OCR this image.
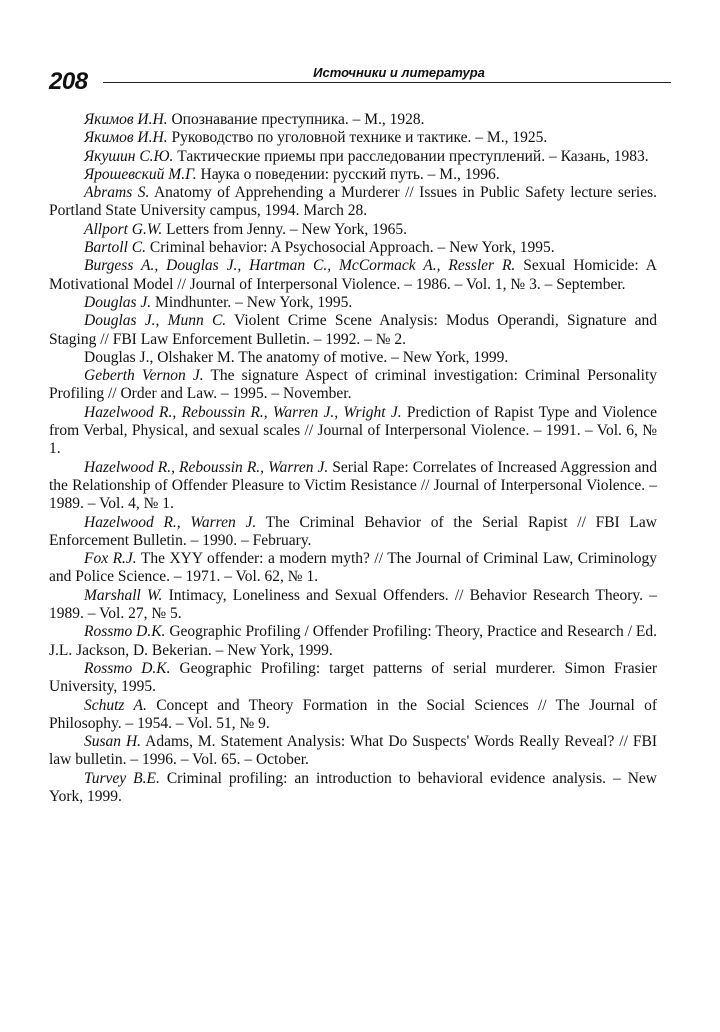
208	Источники и литература

Якимов И.Н. Опознавание преступника. – М., 1928.

Якимов И.Н. Руководство по уголовной технике и тактике. – М., 1925.

Якушин С.Ю. Тактические приемы при расследовании преступлений. – Казань, 1983.

Ярошевский М.Г. Наука о поведении: русский путь. – М., 1996.

Abrams S. Anatomy of Apprehending a Murderer // Issues in Public Safety lecture series. Portland State University campus, 1994. March 28.

Allport G.W. Letters from Jenny. – New York, 1965.

Bartoll C. Criminal behavior: A Psychosocial Approach. – New York, 1995.

Burgess A., Douglas J., Hartman C., McCormack A., Ressler R. Sexual Homicide: A Motivational Model // Journal of Interpersonal Violence. – 1986. – Vol. 1, № 3. – September.

Douglas J. Mindhunter. – New York, 1995.

Douglas J., Munn C. Violent Crime Scene Analysis: Modus Operandi, Signature and Staging // FBI Law Enforcement Bulletin. – 1992. – № 2.

Douglas J., Olshaker M. The anatomy of motive. – New York, 1999.

Geberth Vernon J. The signature Aspect of criminal investigation: Criminal Personality Profiling // Order and Law. – 1995. – November.

Hazelwood R., Reboussin R., Warren J., Wright J. Prediction of Rapist Type and Violence from Verbal, Physical, and sexual scales // Journal of Interpersonal Violence. – 1991. – Vol. 6, № 1.

Hazelwood R., Reboussin R., Warren J. Serial Rape: Correlates of Increased Aggression and the Relationship of Offender Pleasure to Victim Resistance // Journal of Interpersonal Violence. – 1989. – Vol. 4, № 1.

Hazelwood R., Warren J. The Criminal Behavior of the Serial Rapist // FBI Law Enforcement Bulletin. – 1990. – February.

Fox R.J. The XYY offender: a modern myth? // The Journal of Criminal Law, Criminology and Police Science. – 1971. – Vol. 62, № 1.

Marshall W. Intimacy, Loneliness and Sexual Offenders. // Behavior Research Theory. – 1989. – Vol. 27, № 5.

Rossmo D.K. Geographic Profiling / Offender Profiling: Theory, Practice and Research / Ed. J.L. Jackson, D. Bekerian. – New York, 1999.

Rossmo D.K. Geographic Profiling: target patterns of serial murderer. Simon Frasier University, 1995.

Schutz A. Concept and Theory Formation in the Social Sciences // The Journal of Philosophy. – 1954. – Vol. 51, № 9.

Susan H. Adams, M. Statement Analysis: What Do Suspects' Words Really Reveal? // FBI law bulletin. – 1996. – Vol. 65. – October.

Turvey B.E. Criminal profiling: an introduction to behavioral evidence analysis. – New York, 1999.
